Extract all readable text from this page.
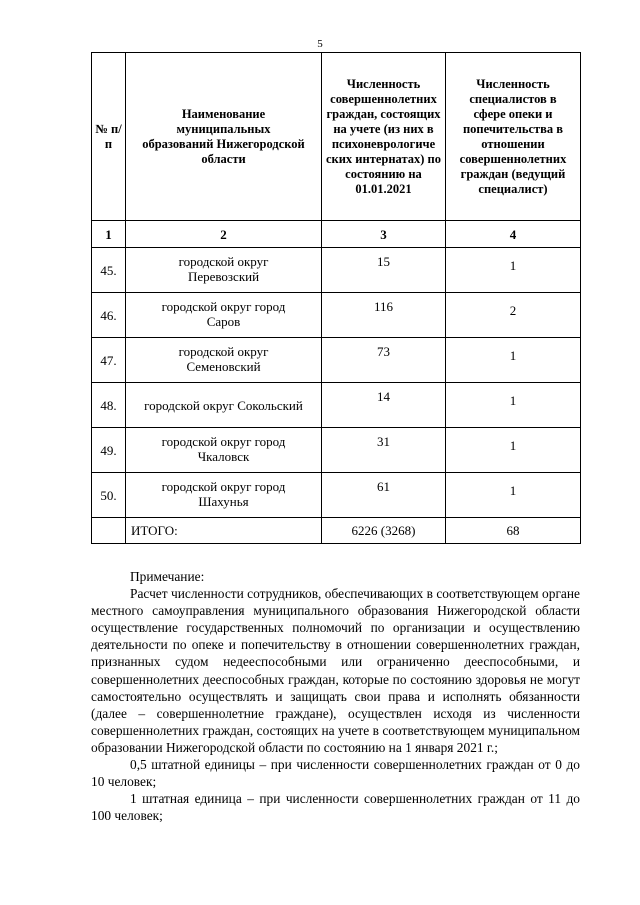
5
№ п/п	Наименование муниципальных образований Нижегородской области	Численность совершеннолетних граждан, состоящих на учете (из них в психоневрологиче ских интернатах) по состоянию на 01.01.2021	Численность специалистов в сфере опеки и попечительства в отношении совершеннолетних граждан (ведущий специалист)
1	2	3	4
45.	городской округ Перевозский	15	1
46.	городской округ город Саров	116	2
47.	городской округ Семеновский	73	1
48.	городской округ Сокольский	14	1
49.	городской округ город Чкаловск	31	1
50.	городской округ город Шахунья	61	1
	ИТОГО:	6226 (3268)	68

Примечание:

Расчет численности сотрудников, обеспечивающих в соответствующем органе местного самоуправления муниципального образования Нижегородской области осуществление государственных полномочий по организации и осуществлению деятельности по опеке и попечительству в отношении совершеннолетних граждан, признанных судом недееспособными или ограниченно дееспособными, и совершеннолетних дееспособных граждан, которые по состоянию здоровья не могут самостоятельно осуществлять и защищать свои права и исполнять обязанности (далее – совершеннолетние граждане), осуществлен исходя из численности совершеннолетних граждан, состоящих на учете в соответствующем муниципальном образовании Нижегородской области по состоянию на 1 января 2021 г.;

0,5 штатной единицы – при численности совершеннолетних граждан от 0 до 10 человек;

1 штатная единица – при численности совершеннолетних граждан от 11 до 100 человек;
